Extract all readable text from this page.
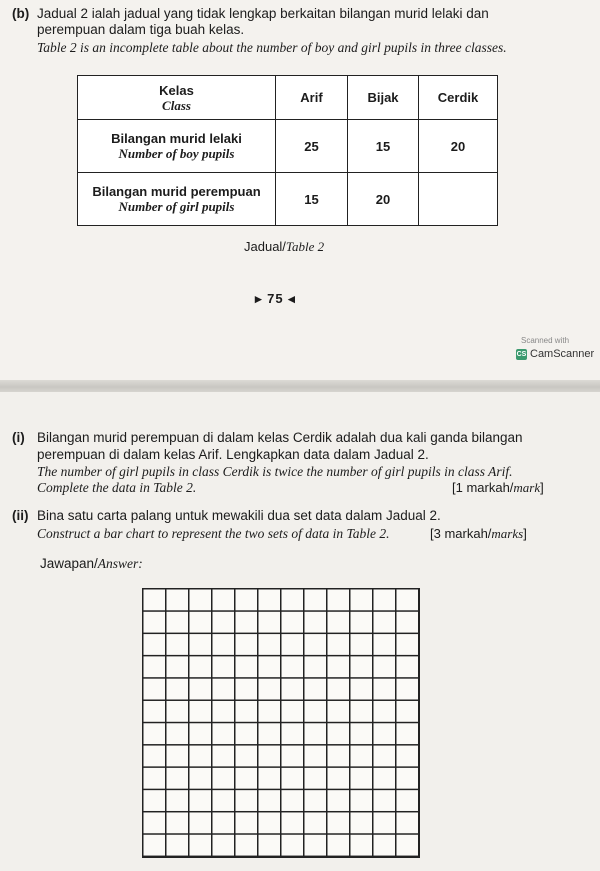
(b) Jadual 2 ialah jadual yang tidak lengkap berkaitan bilangan murid lelaki dan
perempuan dalam tiga buah kelas.
Table 2 is an incomplete table about the number of boy and girl pupils in three classes.
Kelas
Class	Arif	Bijak	Cerdik

Bilangan murid lelaki
Number of boy pupils	25	15	20

Bilangan murid perempuan
Number of girl pupils	15	20	
Jadual/Table 2
▸ 75 ◂
Scanned with
CS CamScanner
(i) Bilangan murid perempuan di dalam kelas Cerdik adalah dua kali ganda bilangan
perempuan di dalam kelas Arif. Lengkapkan data dalam Jadual 2.
The number of girl pupils in class Cerdik is twice the number of girl pupils in class Arif.
Complete the data in Table 2.	[1 markah/mark]
(ii) Bina satu carta palang untuk mewakili dua set data dalam Jadual 2.
Construct a bar chart to represent the two sets of data in Table 2.	[3 markah/marks]
Jawapan/Answer:
